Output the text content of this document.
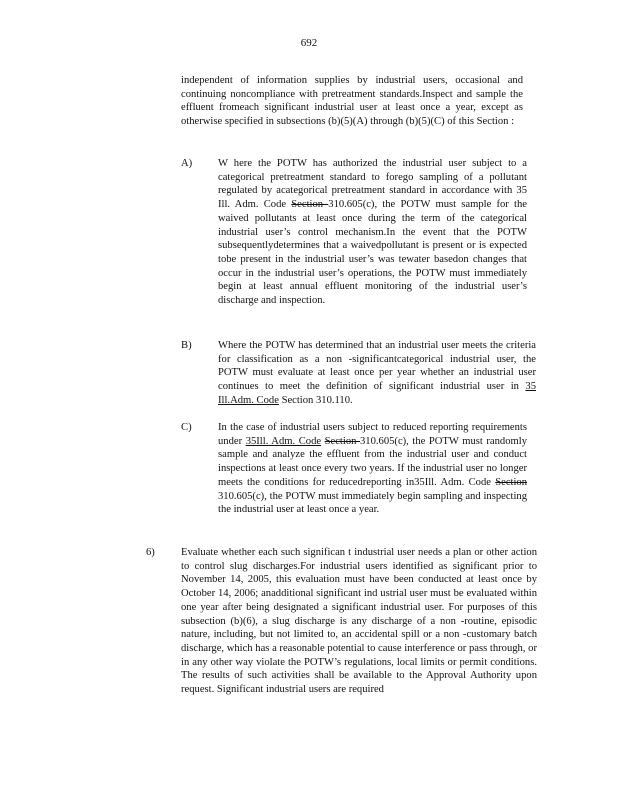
692

independent of information supplies by industrial users, occasional and continuing noncompliance with pretreatment standards.Inspect and sample the effluent fromeach significant industrial user at least once a year, except as otherwise specified in subsections (b)(5)(A) through (b)(5)(C) of this Section :

A) W here the POTW has authorized the industrial user subject to a categorical pretreatment standard to forego sampling of a pollutant regulated by acategorical pretreatment standard in accordance with 35 Ill. Adm. Code Section 310.605(c), the POTW must sample for the waived pollutants at least once during the term of the categorical industrial user’s control mechanism.In the event that the POTW subsequentlydetermines that a waivedpollutant is present or is expected tobe present in the industrial user’s was tewater basedon changes that occur in the industrial user’s operations, the POTW must immediately begin at least annual effluent monitoring of the industrial user’s discharge and inspection.

B) Where the POTW has determined that an industrial user meets the criteria for classification as a non -significantcategorical industrial user, the POTW must evaluate at least once per year whether an industrial user continues to meet the definition of significant industrial user in 35 Ill.Adm. Code Section 310.110.

C) In the case of industrial users subject to reduced reporting requirements under 35Ill. Adm. Code Section 310.605(c), the POTW must randomly sample and analyze the effluent from the industrial user and conduct inspections at least once every two years. If the industrial user no longer meets the conditions for reducedreporting in35Ill. Adm. Code Section 310.605(c), the POTW must immediately begin sampling and inspecting the industrial user at least once a year.

6) Evaluate whether each such significan t industrial user needs a plan or other action to control slug discharges.For industrial users identified as significant prior to November 14, 2005, this evaluation must have been conducted at least once by October 14, 2006; anadditional significant ind ustrial user must be evaluated within one year after being designated a significant industrial user. For purposes of this subsection (b)(6), a slug discharge is any discharge of a non -routine, episodic nature, including, but not limited to, an accidental spill or a non -customary batch discharge, which has a reasonable potential to cause interference or pass through, or in any other way violate the POTW’s regulations, local limits or permit conditions. The results of such activities shall be available to the Approval Authority upon request. Significant industrial users are required
